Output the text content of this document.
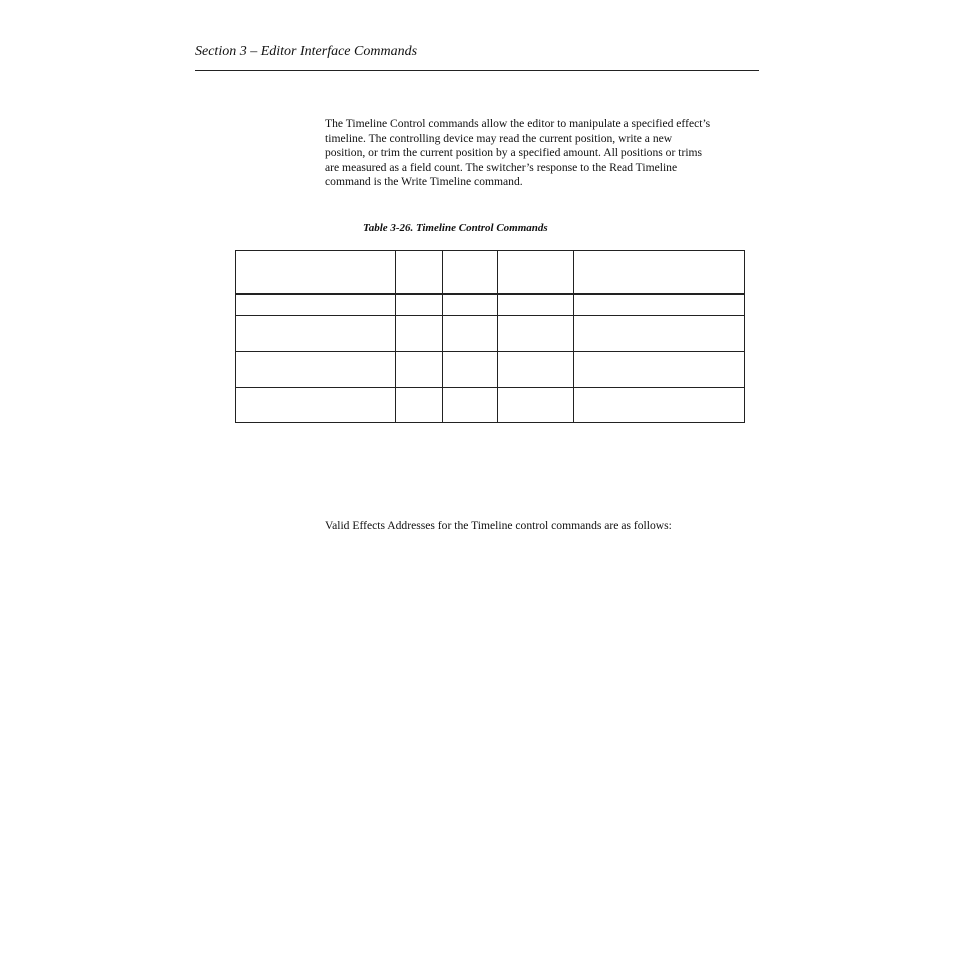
Section 3 – Editor Interface Commands

The Timeline Control commands allow the editor to manipulate a specified effect’s
timeline. The controlling device may read the current position, write a new
position, or trim the current position by a specified amount. All positions or trims
are measured as a field count. The switcher’s response to the Read Timeline
command is the Write Timeline command.

Table 3-26. Timeline Control Commands

Valid Effects Addresses for the Timeline control commands are as follows:
